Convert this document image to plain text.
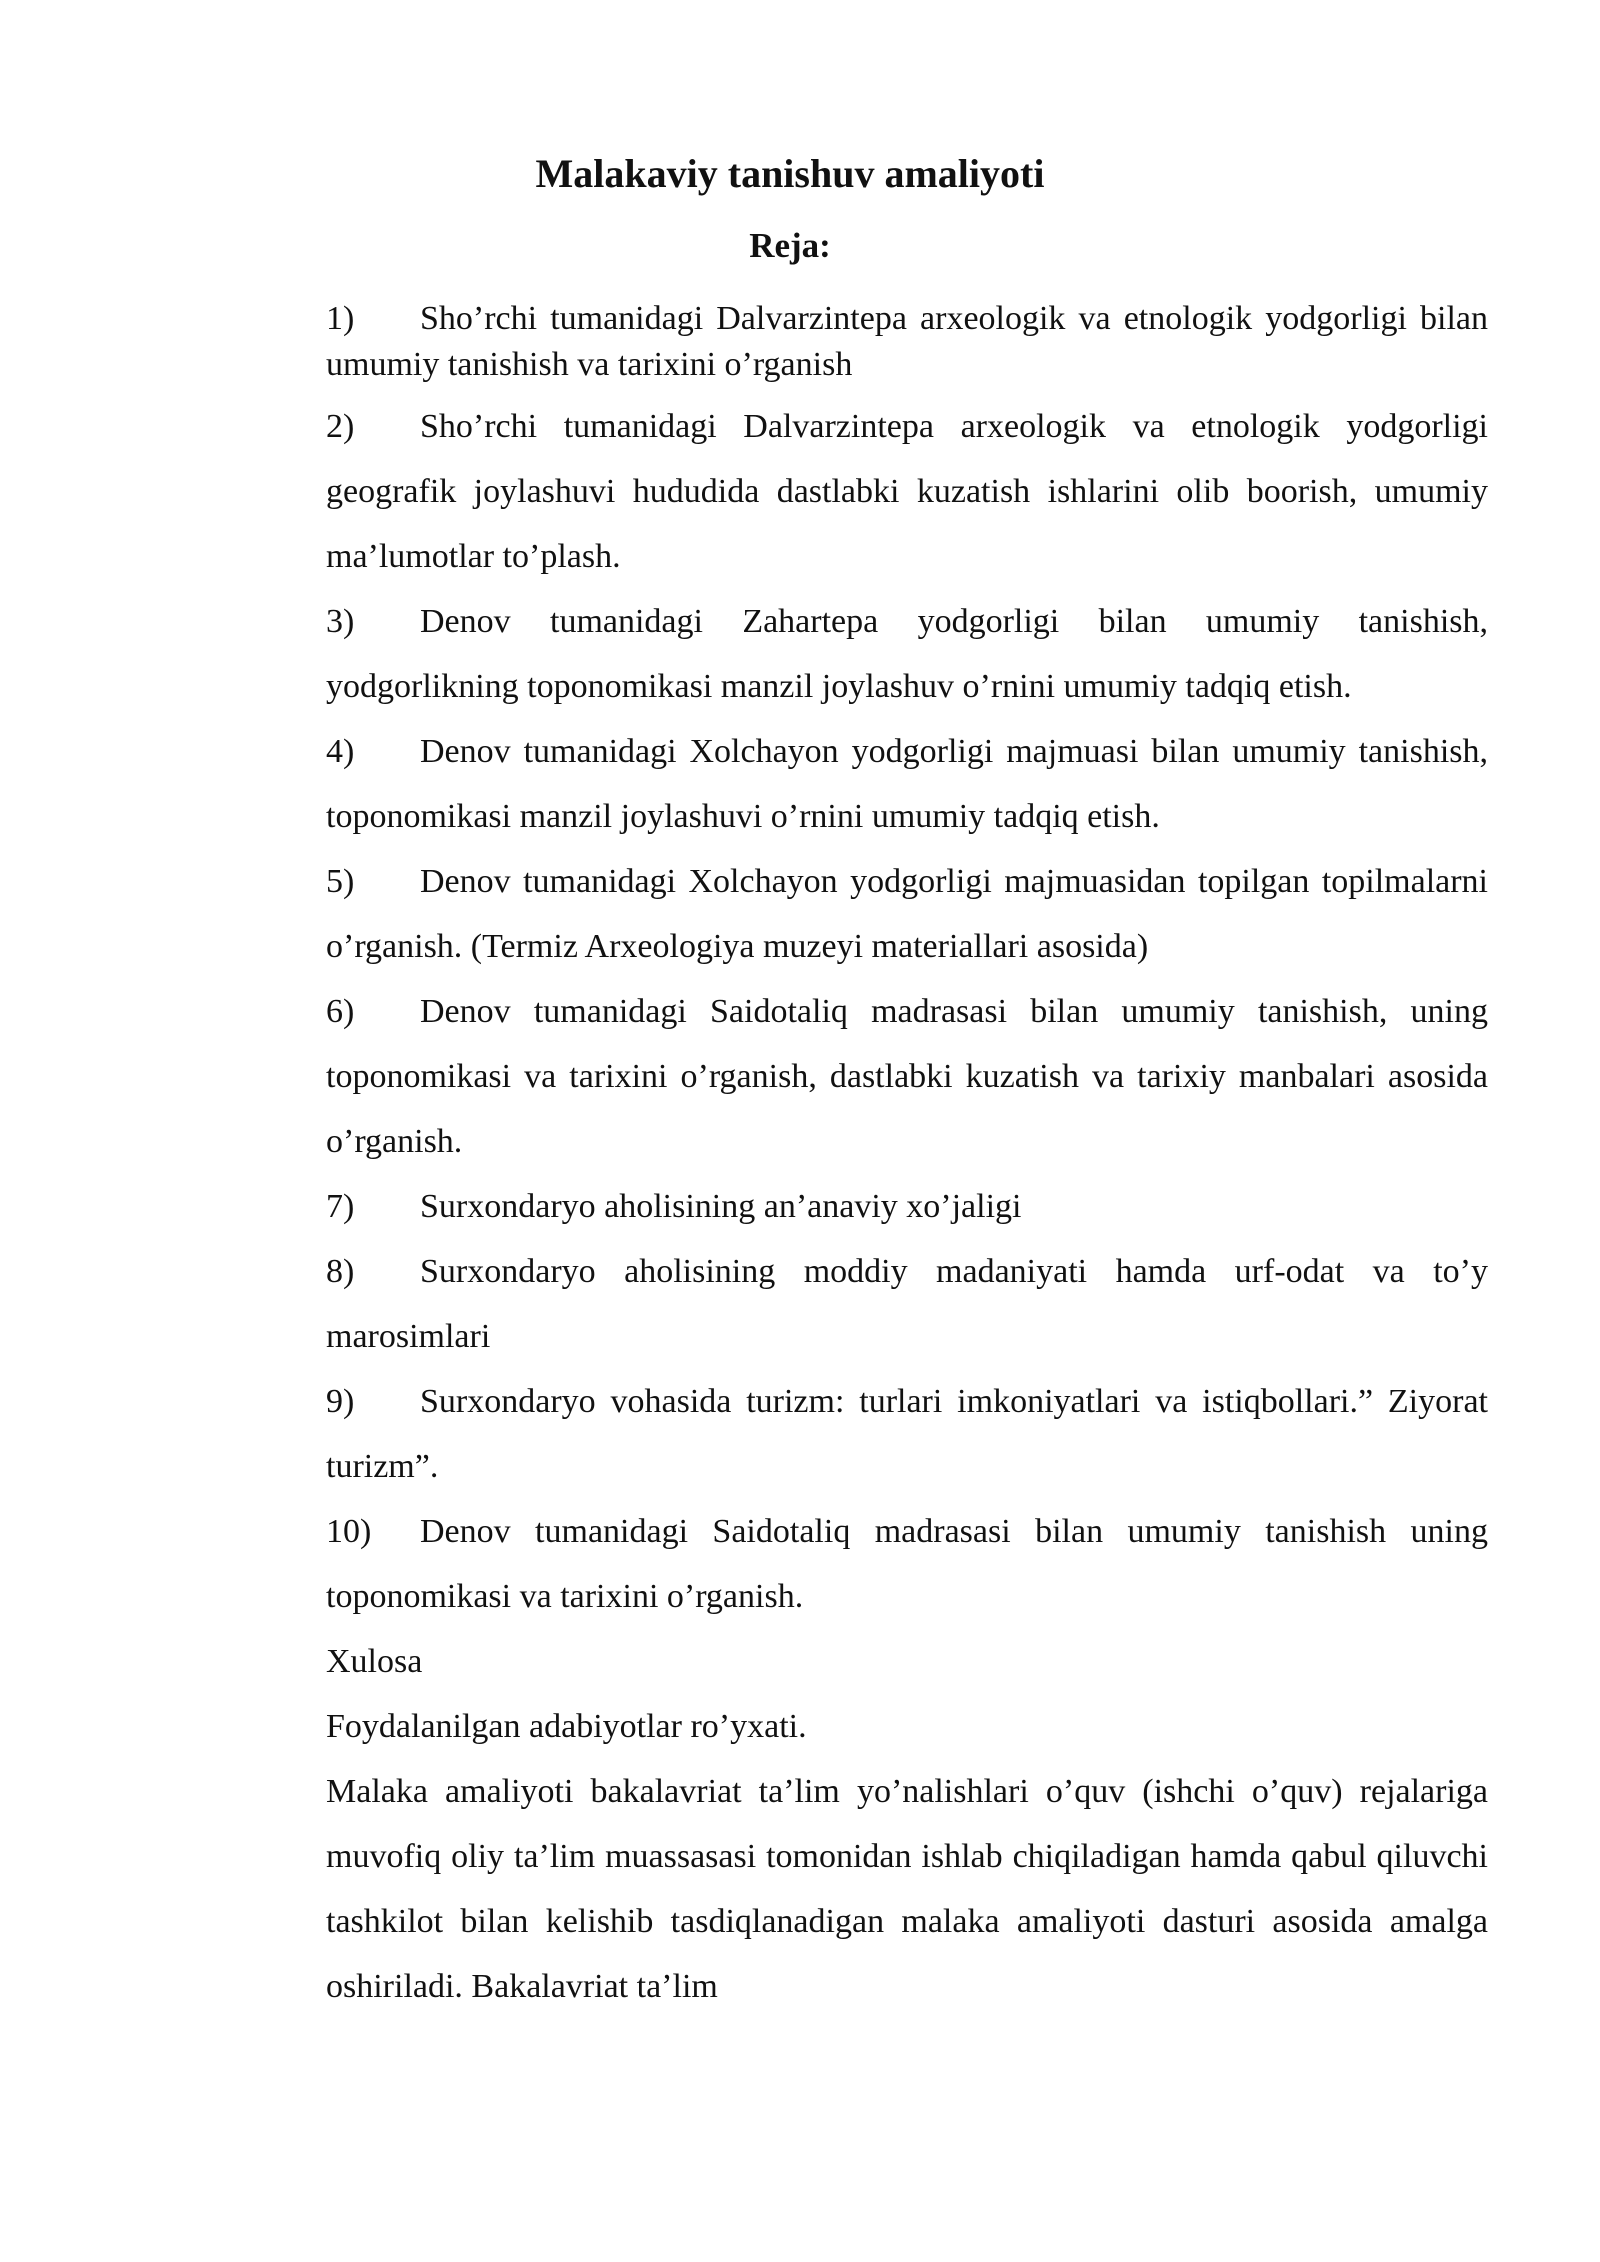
Malakaviy tanishuv amaliyoti
Reja:
1) Sho’rchi tumanidagi Dalvarzintepa arxeologik va etnologik yodgorligi bilan umumiy tanishish va tarixini o’rganish
2) Sho’rchi tumanidagi Dalvarzintepa arxeologik va etnologik yodgorligi geografik joylashuvi hududida dastlabki kuzatish ishlarini olib boorish, umumiy ma’lumotlar to’plash.
3) Denov tumanidagi Zahartepa yodgorligi bilan umumiy tanishish, yodgorlikning toponomikasi manzil joylashuv o’rnini umumiy tadqiq etish.
4) Denov tumanidagi Xolchayon yodgorligi majmuasi bilan umumiy tanishish, toponomikasi manzil joylashuvi o’rnini umumiy tadqiq etish.
5) Denov tumanidagi Xolchayon yodgorligi majmuasidan topilgan topilmalarni o’rganish. (Termiz Arxeologiya muzeyi materiallari asosida)
6) Denov tumanidagi Saidotaliq madrasasi bilan umumiy tanishish, uning toponomikasi va tarixini o’rganish, dastlabki kuzatish va tarixiy manbalari asosida o’rganish.
7) Surxondaryo aholisining an’anaviy xo’jaligi
8) Surxondaryo aholisining moddiy madaniyati hamda urf-odat va to’y marosimlari
9) Surxondaryo vohasida turizm: turlari imkoniyatlari va istiqbollari.” Ziyorat turizm”.
10) Denov tumanidagi Saidotaliq madrasasi bilan umumiy tanishish uning toponomikasi va tarixini o’rganish.
Xulosa
Foydalanilgan adabiyotlar ro’yxati.
Malaka amaliyoti bakalavriat ta’lim yo’nalishlari o’quv (ishchi o’quv) rejalariga muvofiq oliy ta’lim muassasasi tomonidan ishlab chiqiladigan hamda qabul qiluvchi tashkilot bilan kelishib tasdiqlanadigan malaka amaliyoti dasturi asosida amalga oshiriladi. Bakalavriat ta’lim
